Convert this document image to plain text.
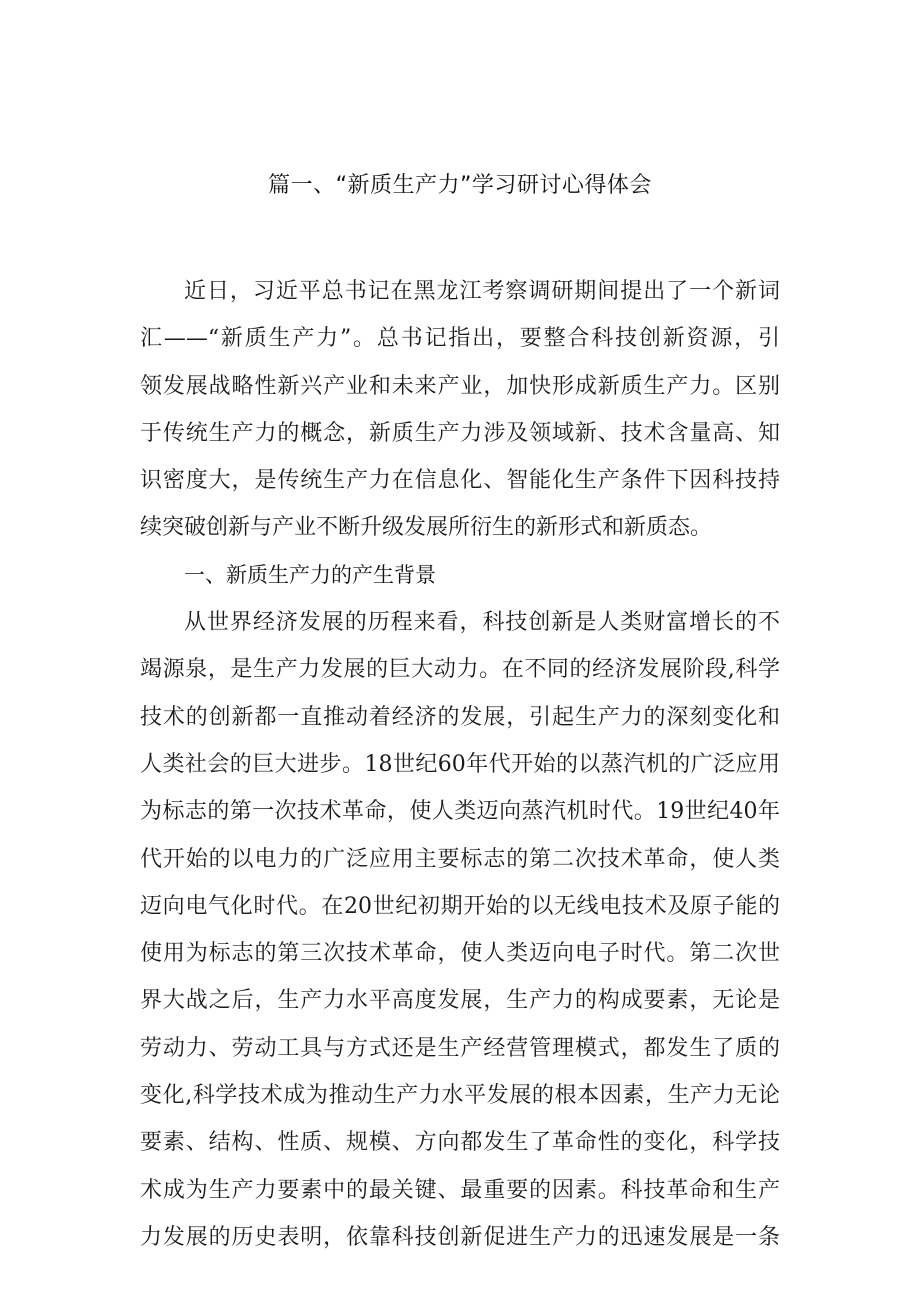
篇一、“新质生产力”学习研讨心得体会
近日，习近平总书记在黑龙江考察调研期间提出了一个新词
汇——“新质生产力”。总书记指出，要整合科技创新资源，引
领发展战略性新兴产业和未来产业，加快形成新质生产力。区别
于传统生产力的概念，新质生产力涉及领域新、技术含量高、知
识密度大，是传统生产力在信息化、智能化生产条件下因科技持
续突破创新与产业不断升级发展所衍生的新形式和新质态。
一、新质生产力的产生背景
从世界经济发展的历程来看，科技创新是人类财富增长的不
竭源泉，是生产力发展的巨大动力。在不同的经济发展阶段,科学
技术的创新都一直推动着经济的发展，引起生产力的深刻变化和
人类社会的巨大进步。18世纪60年代开始的以蒸汽机的广泛应用
为标志的第一次技术革命，使人类迈向蒸汽机时代。19世纪40年
代开始的以电力的广泛应用主要标志的第二次技术革命，使人类
迈向电气化时代。在20世纪初期开始的以无线电技术及原子能的
使用为标志的第三次技术革命，使人类迈向电子时代。第二次世
界大战之后，生产力水平高度发展，生产力的构成要素，无论是
劳动力、劳动工具与方式还是生产经营管理模式，都发生了质的
变化,科学技术成为推动生产力水平发展的根本因素，生产力无论
要素、结构、性质、规模、方向都发生了革命性的变化，科学技
术成为生产力要素中的最关键、最重要的因素。科技革命和生产
力发展的历史表明，依靠科技创新促进生产力的迅速发展是一条
